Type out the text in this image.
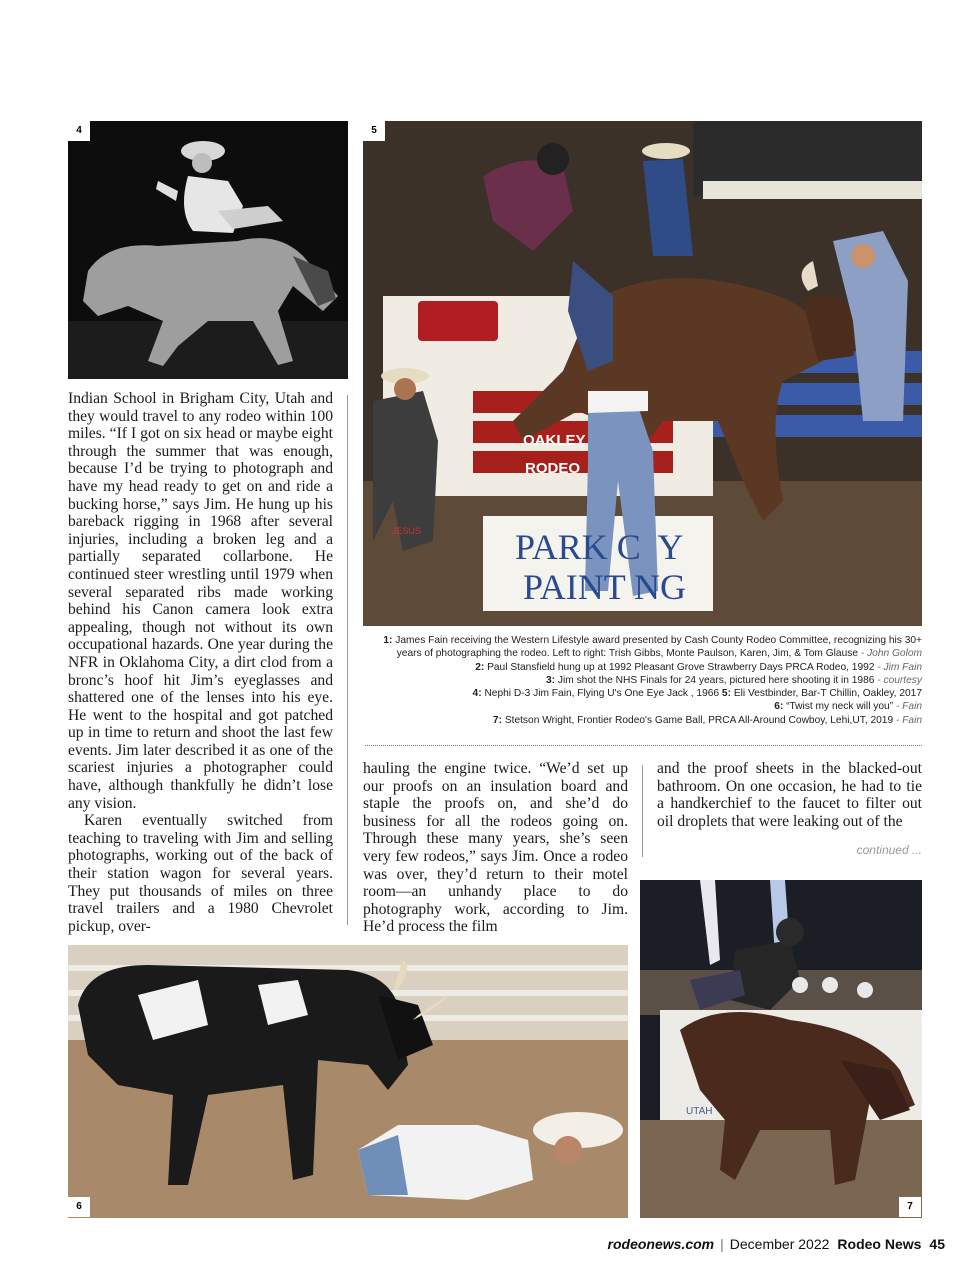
4
OAKLEY
RODEO
PARK C  Y
PAINT NG
JESUS
5

Indian School in Brigham City, Utah and they would travel to any rodeo within 100 miles. “If I got on six head or maybe eight through the summer that was enough, because I’d be trying to photograph and have my head ready to get on and ride a bucking horse,” says Jim. He hung up his bareback rigging in 1968 after several injuries, including a broken leg and a partially separated collarbone. He continued steer wrestling until 1979 when several separated ribs made working behind his Canon camera look extra appealing, though not without its own occupational hazards. One year during the NFR in Oklahoma City, a dirt clod from a bronc’s hoof hit Jim’s eyeglasses and shattered one of the lenses into his eye. He went to the hospital and got patched up in time to return and shoot the last few events. Jim later described it as one of the scariest injuries a photographer could have, although thankfully he didn’t lose any vision.

Karen eventually switched from teaching to traveling with Jim and selling photographs, working out of the back of their station wagon for several years. They put thousands of miles on three travel trailers and a 1980 Chevrolet pickup, over-

1: James Fain receiving the Western Lifestyle award presented by Cash County Rodeo Committee, recognizing his 30+
years of photographing the rodeo. Left to right: Trish Gibbs, Monte Paulson, Karen, Jim, & Tom Glause - John Golom
2: Paul Stansfield hung up at 1992 Pleasant Grove Strawberry Days PRCA Rodeo, 1992 - Jim Fain
3: Jim shot the NHS Finals for 24 years, pictured here shooting it in 1986 - courtesy
4: Nephi D-3 Jim Fain, Flying U's One Eye Jack , 1966 5: Eli Vestbinder, Bar-T Chillin, Oakley, 2017
6: “Twist my neck will you” - Fain
7: Stetson Wright, Frontier Rodeo's Game Ball, PRCA All-Around Cowboy, Lehi,UT, 2019 - Fain

hauling the engine twice. “We’d set up our proofs on an insulation board and staple the proofs on, and she’d do business for all the rodeos going on. Through these many years, she’s seen very few rodeos,” says Jim. Once a rodeo was over, they’d return to their motel room—an unhandy place to do photography work, according to Jim. He’d process the film

and the proof sheets in the blacked-out bathroom. On one occasion, he had to tie a handkerchief to the faucet to filter out oil droplets that were leaking out of the

continued ...
6
UTAH
7
rodeonews.com | December 2022 Rodeo News 45
